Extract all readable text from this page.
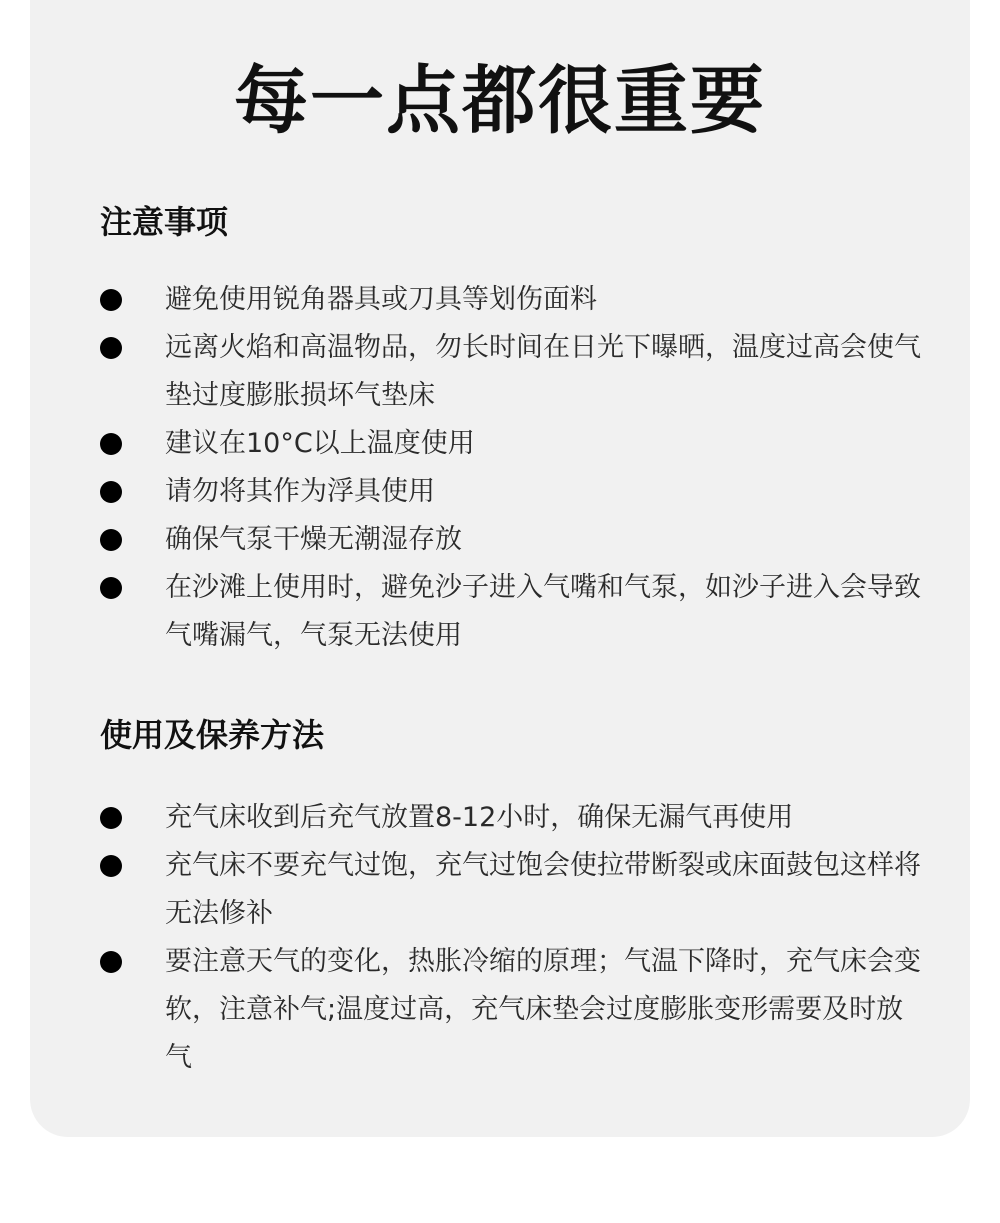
每一点都很重要
注意事项
避免使用锐角器具或刀具等划伤面料
远离火焰和高温物品，勿长时间在日光下曝晒，温度过高会使气垫过度膨胀损坏气垫床
建议在10°C以上温度使用
请勿将其作为浮具使用
确保气泵干燥无潮湿存放
在沙滩上使用时，避免沙子进入气嘴和气泵，如沙子进入会导致气嘴漏气，气泵无法使用
使用及保养方法
充气床收到后充气放置8-12小时，确保无漏气再使用
充气床不要充气过饱，充气过饱会使拉带断裂或床面鼓包这样将无法修补
要注意天气的变化，热胀冷缩的原理；气温下降时，充气床会变软，注意补气;温度过高，充气床垫会过度膨胀变形需要及时放气
